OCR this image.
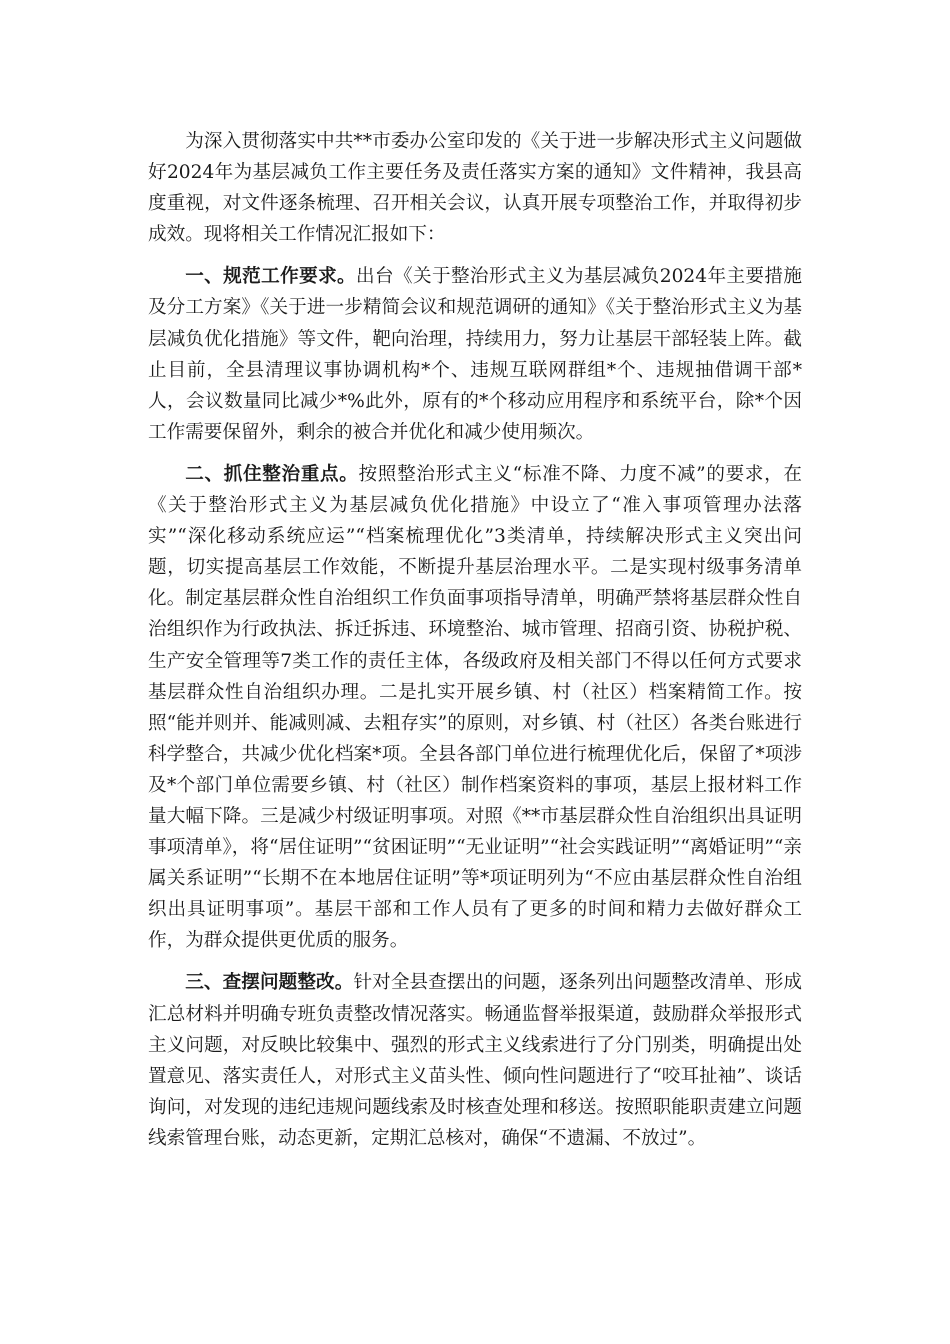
为深入贯彻落实中共**市委办公室印发的《关于进一步解决形式主义问题做好2024年为基层减负工作主要任务及责任落实方案的通知》文件精神，我县高度重视，对文件逐条梳理、召开相关会议，认真开展专项整治工作，并取得初步成效。现将相关工作情况汇报如下：

一、规范工作要求。出台《关于整治形式主义为基层减负2024年主要措施及分工方案》《关于进一步精简会议和规范调研的通知》《关于整治形式主义为基层减负优化措施》等文件，靶向治理，持续用力，努力让基层干部轻装上阵。截止目前，全县清理议事协调机构*个、违规互联网群组*个、违规抽借调干部*人，会议数量同比减少*%此外，原有的*个移动应用程序和系统平台，除*个因工作需要保留外，剩余的被合并优化和减少使用频次。

二、抓住整治重点。按照整治形式主义“标准不降、力度不减”的要求，在《关于整治形式主义为基层减负优化措施》中设立了“准入事项管理办法落实”“深化移动系统应运”“档案梳理优化”3类清单，持续解决形式主义突出问题，切实提高基层工作效能，不断提升基层治理水平。二是实现村级事务清单化。制定基层群众性自治组织工作负面事项指导清单，明确严禁将基层群众性自治组织作为行政执法、拆迁拆违、环境整治、城市管理、招商引资、协税护税、生产安全管理等7类工作的责任主体，各级政府及相关部门不得以任何方式要求基层群众性自治组织办理。二是扎实开展乡镇、村（社区）档案精简工作。按照“能并则并、能减则减、去粗存实”的原则，对乡镇、村（社区）各类台账进行科学整合，共减少优化档案*项。全县各部门单位进行梳理优化后，保留了*项涉及*个部门单位需要乡镇、村（社区）制作档案资料的事项，基层上报材料工作量大幅下降。三是减少村级证明事项。对照《**市基层群众性自治组织出具证明事项清单》，将“居住证明”“贫困证明”“无业证明”“社会实践证明”“离婚证明”“亲属关系证明”“长期不在本地居住证明”等*项证明列为“不应由基层群众性自治组织出具证明事项”。基层干部和工作人员有了更多的时间和精力去做好群众工作，为群众提供更优质的服务。

三、查摆问题整改。针对全县查摆出的问题，逐条列出问题整改清单、形成汇总材料并明确专班负责整改情况落实。畅通监督举报渠道，鼓励群众举报形式主义问题，对反映比较集中、强烈的形式主义线索进行了分门别类，明确提出处置意见、落实责任人，对形式主义苗头性、倾向性问题进行了“咬耳扯袖”、谈话询问，对发现的违纪违规问题线索及时核查处理和移送。按照职能职责建立问题线索管理台账，动态更新，定期汇总核对，确保“不遗漏、不放过”。
